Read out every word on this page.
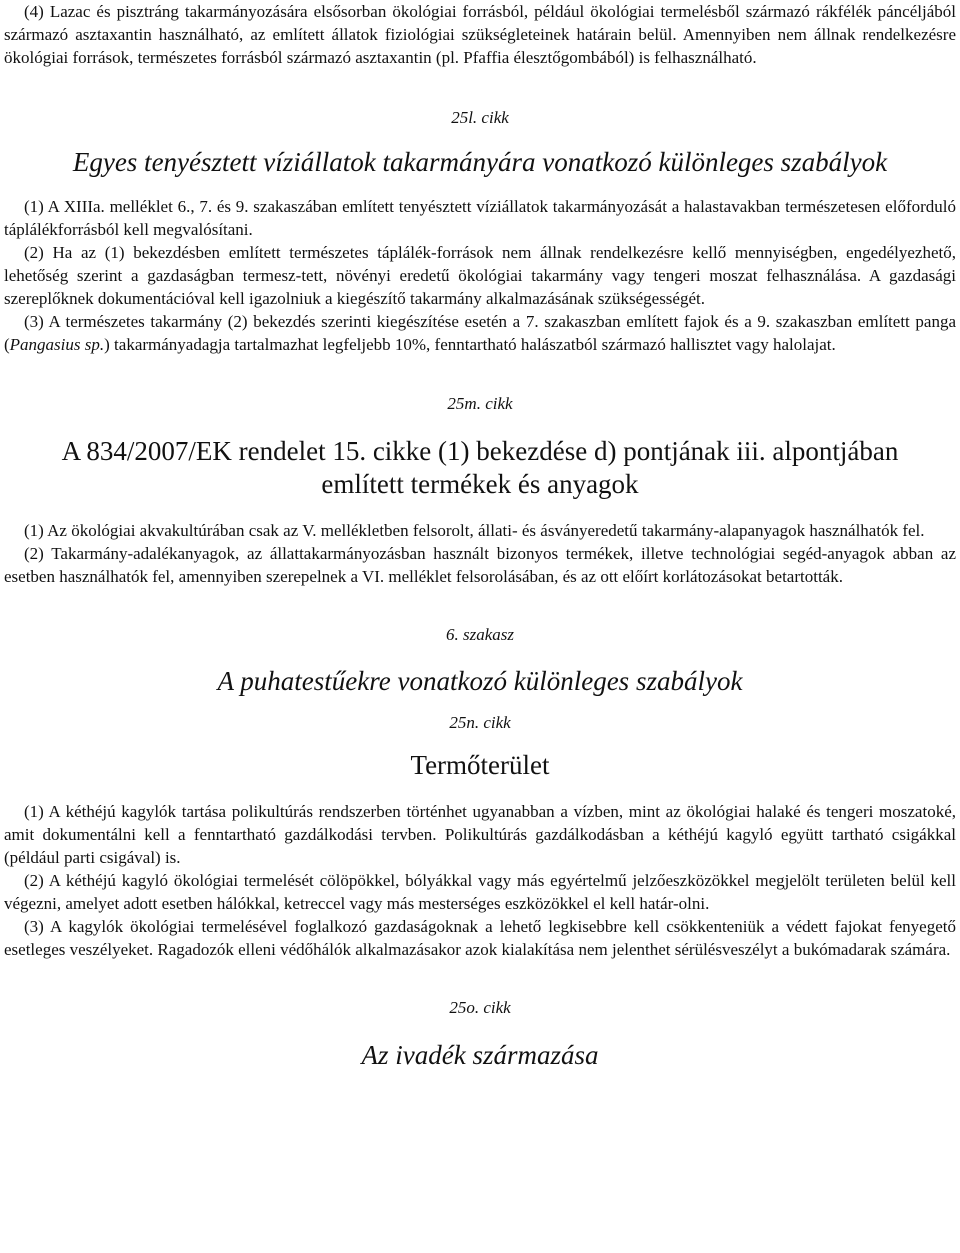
(4) Lazac és pisztráng takarmányozására elsősorban ökológiai forrásból, például ökológiai termelésből származó rákfélék páncéljából származó asztaxantin használható, az említett állatok fiziológiai szükségleteinek határain belül. Amennyiben nem állnak rendelkezésre ökológiai források, természetes forrásból származó asztaxantin (pl. Pfaffia élesztőgombából) is felhasználható.

25l. cikk
Egyes tenyésztett víziállatok takarmányára vonatkozó különleges szabályok

(1) A XIIIa. melléklet 6., 7. és 9. szakaszában említett tenyésztett víziállatok takarmányozását a halastavakban természetesen előforduló táplálékforrásból kell megvalósítani.

(2) Ha az (1) bekezdésben említett természetes táplálék-források nem állnak rendelkezésre kellő mennyiségben, engedélyezhető, lehetőség szerint a gazdaságban termesz-tett, növényi eredetű ökológiai takarmány vagy tengeri moszat felhasználása. A gazdasági szereplőknek dokumentációval kell igazolniuk a kiegészítő takarmány alkalmazásának szükségességét.

(3) A természetes takarmány (2) bekezdés szerinti kiegészítése esetén a 7. szakaszban említett fajok és a 9. szakaszban említett panga (Pangasius sp.) takarmányadagja tartalmazhat legfeljebb 10%, fenntartható halászatból származó hallisztet vagy halolajat.

25m. cikk
A 834/2007/EK rendelet 15. cikke (1) bekezdése d) pontjának iii. alpontjában
említett termékek és anyagok

(1) Az ökológiai akvakultúrában csak az V. mellékletben felsorolt, állati- és ásványeredetű takarmány-alapanyagok használhatók fel.

(2) Takarmány-adalékanyagok, az állattakarmányozásban használt bizonyos termékek, illetve technológiai segéd-anyagok abban az esetben használhatók fel, amennyiben szerepelnek a VI. melléklet felsorolásában, és az ott előírt korlátozásokat betartották.

6. szakasz
A puhatestűekre vonatkozó különleges szabályok
25n. cikk
Termőterület

(1) A kéthéjú kagylók tartása polikultúrás rendszerben történhet ugyanabban a vízben, mint az ökológiai halaké és tengeri moszatoké, amit dokumentálni kell a fenntartható gazdálkodási tervben. Polikultúrás gazdálkodásban a kéthéjú kagyló együtt tartható csigákkal (például parti csigával) is.

(2) A kéthéjú kagyló ökológiai termelését cölöpökkel, bólyákkal vagy más egyértelmű jelzőeszközökkel megjelölt területen belül kell végezni, amelyet adott esetben hálókkal, ketreccel vagy más mesterséges eszközökkel el kell határ-olni.

(3) A kagylók ökológiai termelésével foglalkozó gazdaságoknak a lehető legkisebbre kell csökkenteniük a védett fajokat fenyegető esetleges veszélyeket. Ragadozók elleni védőhálók alkalmazásakor azok kialakítása nem jelenthet sérülésveszélyt a bukómadarak számára.

25o. cikk
Az ivadék származása
